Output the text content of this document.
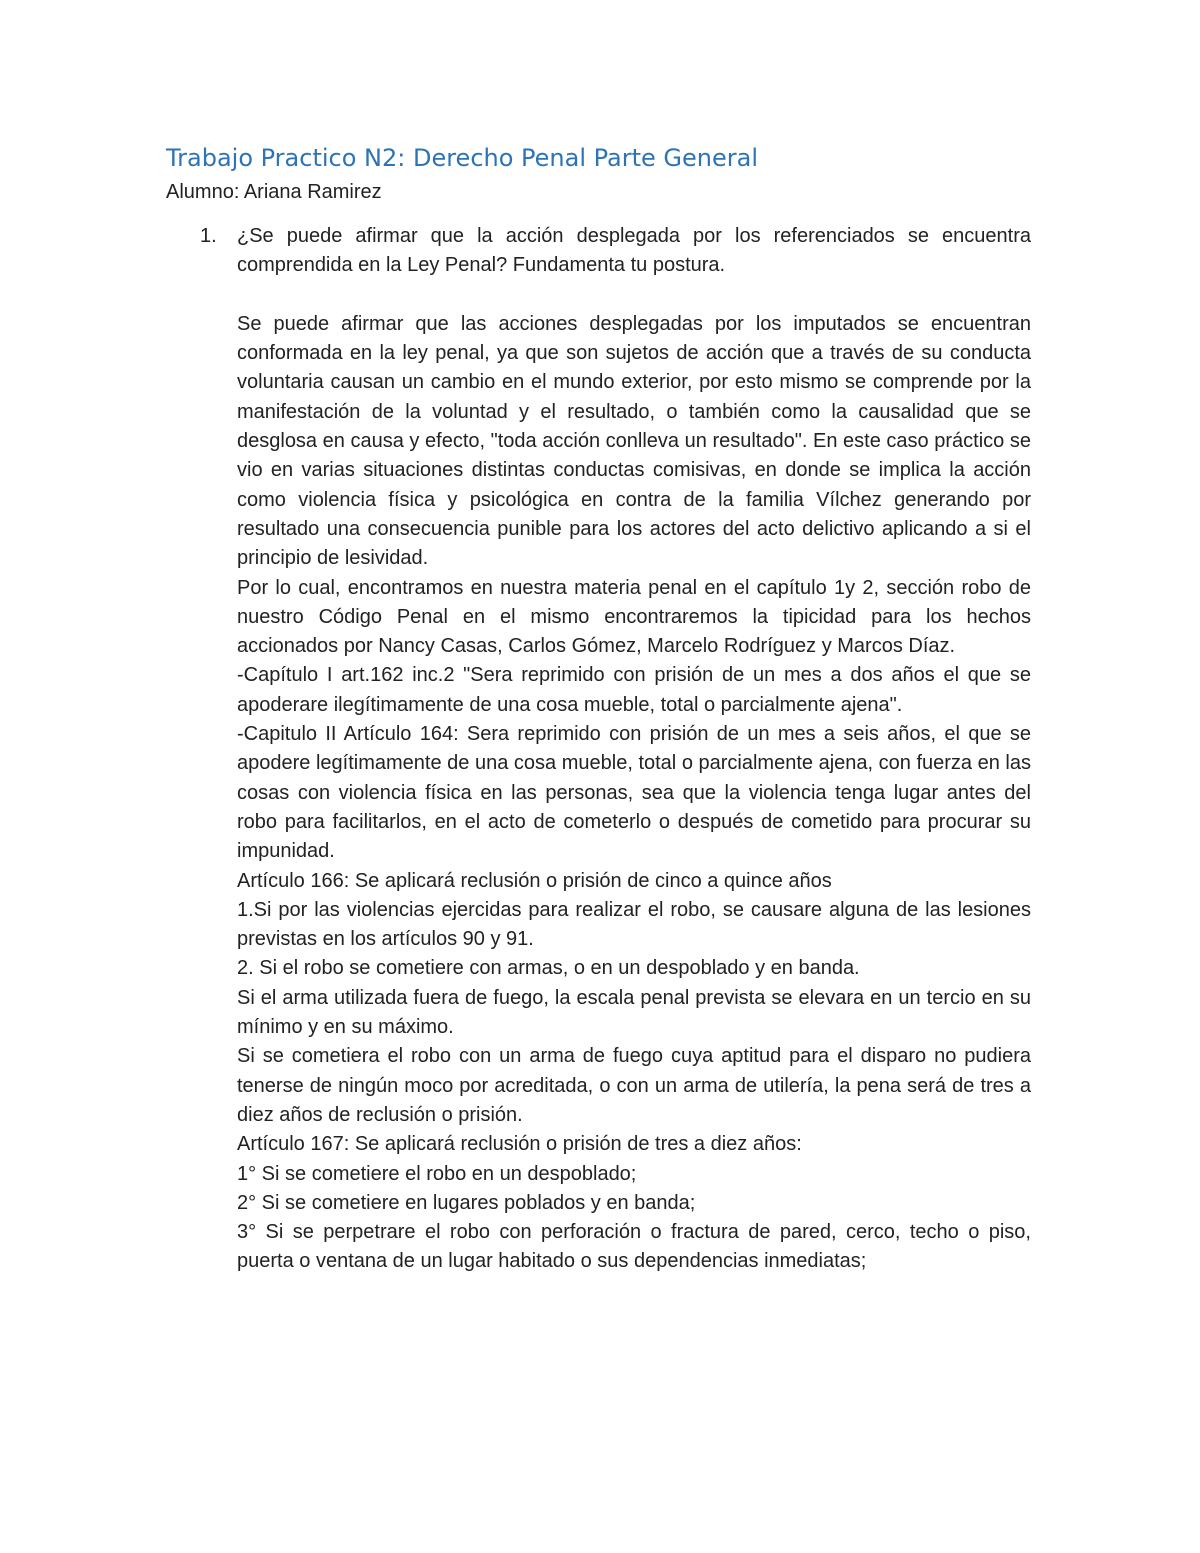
Trabajo Practico N2: Derecho Penal Parte General

Alumno: Ariana Ramirez

1. ¿Se puede afirmar que la acción desplegada por los referenciados se encuentra comprendida en la Ley Penal? Fundamenta tu postura.

Se puede afirmar que las acciones desplegadas por los imputados se encuentran conformada en la ley penal, ya que son sujetos de acción que a través de su conducta voluntaria causan un cambio en el mundo exterior, por esto mismo se comprende por la manifestación de la voluntad y el resultado, o también como la causalidad que se desglosa en causa y efecto, "toda acción conlleva un resultado". En este caso práctico se vio en varias situaciones distintas conductas comisivas, en donde se implica la acción como violencia física y psicológica en contra de la familia Vílchez generando por resultado una consecuencia punible para los actores del acto delictivo aplicando a si el principio de lesividad.

Por lo cual, encontramos en nuestra materia penal en el capítulo 1y 2, sección robo de nuestro Código Penal en el mismo encontraremos la tipicidad para los hechos accionados por Nancy Casas, Carlos Gómez, Marcelo Rodríguez y Marcos Díaz.

-Capítulo I art.162 inc.2 "Sera reprimido con prisión de un mes a dos años el que se apoderare ilegítimamente de una cosa mueble, total o parcialmente ajena".

-Capitulo II Artículo 164: Sera reprimido con prisión de un mes a seis años, el que se apodere legítimamente de una cosa mueble, total o parcialmente ajena, con fuerza en las cosas con violencia física en las personas, sea que la violencia tenga lugar antes del robo para facilitarlos, en el acto de cometerlo o después de cometido para procurar su impunidad.

Artículo 166: Se aplicará reclusión o prisión de cinco a quince años

1.Si por las violencias ejercidas para realizar el robo, se causare alguna de las lesiones previstas en los artículos 90 y 91.

2. Si el robo se cometiere con armas, o en un despoblado y en banda.

Si el arma utilizada fuera de fuego, la escala penal prevista se elevara en un tercio en su mínimo y en su máximo.

Si se cometiera el robo con un arma de fuego cuya aptitud para el disparo no pudiera tenerse de ningún moco por acreditada, o con un arma de utilería, la pena será de tres a diez años de reclusión o prisión.

Artículo 167: Se aplicará reclusión o prisión de tres a diez años:

1° Si se cometiere el robo en un despoblado;

2° Si se cometiere en lugares poblados y en banda;

3° Si se perpetrare el robo con perforación o fractura de pared, cerco, techo o piso, puerta o ventana de un lugar habitado o sus dependencias inmediatas;
